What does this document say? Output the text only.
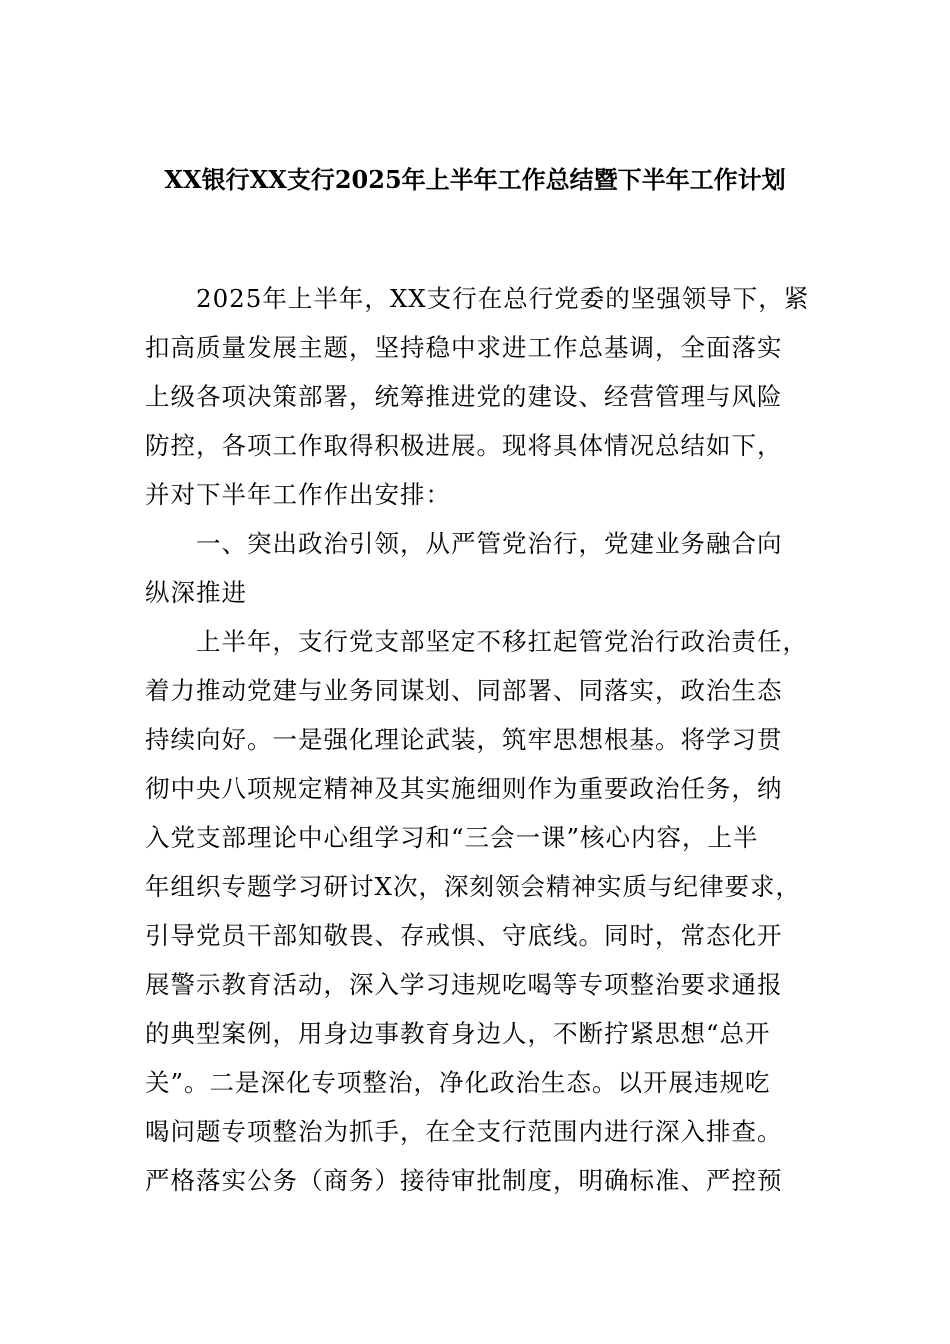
XX银行XX支行2025年上半年工作总结暨下半年工作计划
2025年上半年，XX支行在总行党委的坚强领导下，紧
扣高质量发展主题，坚持稳中求进工作总基调，全面落实
上级各项决策部署，统筹推进党的建设、经营管理与风险
防控，各项工作取得积极进展。现将具体情况总结如下，
并对下半年工作作出安排：
一、突出政治引领，从严管党治行，党建业务融合向
纵深推进
上半年，支行党支部坚定不移扛起管党治行政治责任，
着力推动党建与业务同谋划、同部署、同落实，政治生态
持续向好。一是强化理论武装，筑牢思想根基。将学习贯
彻中央八项规定精神及其实施细则作为重要政治任务，纳
入党支部理论中心组学习和“三会一课”核心内容，上半
年组织专题学习研讨X次，深刻领会精神实质与纪律要求，
引导党员干部知敬畏、存戒惧、守底线。同时，常态化开
展警示教育活动，深入学习违规吃喝等专项整治要求通报
的典型案例，用身边事教育身边人，不断拧紧思想“总开
关”。二是深化专项整治，净化政治生态。以开展违规吃
喝问题专项整治为抓手，在全支行范围内进行深入排查。
严格落实公务（商务）接待审批制度，明确标准、严控预
